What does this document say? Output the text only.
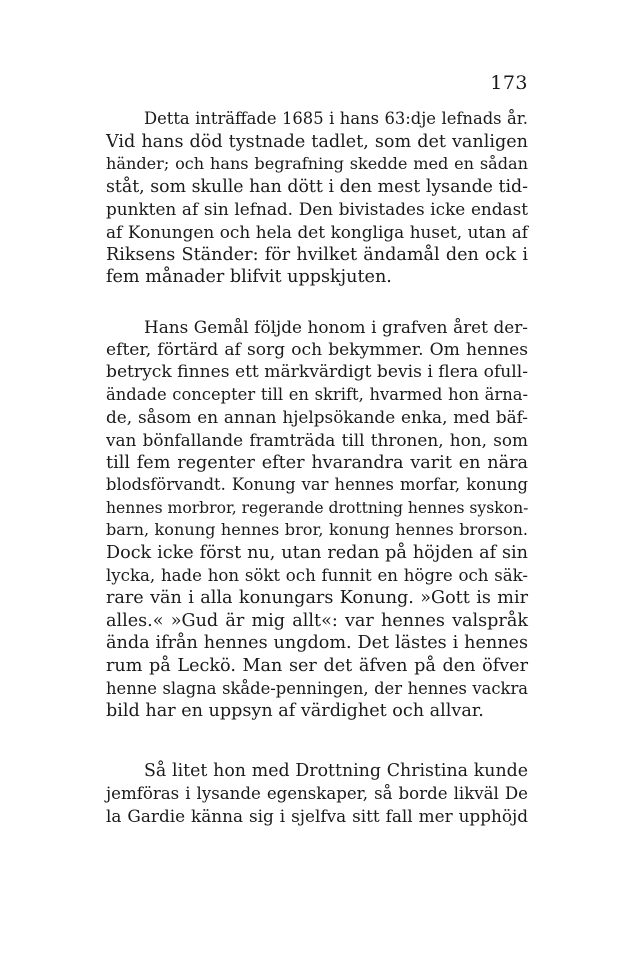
173
Detta inträffade 1685 i hans 63:dje lefnads år.
Vid hans död tystnade tadlet, som det vanligen
händer; och hans begrafning skedde med en sådan
ståt, som skulle han dött i den mest lysande tid-
punkten af sin lefnad. Den bivistades icke endast
af Konungen och hela det kongliga huset, utan af
Riksens Ständer: för hvilket ändamål den ock i
fem månader blifvit uppskjuten.
Hans Gemål följde honom i grafven året der-
efter, förtärd af sorg och bekymmer. Om hennes
betryck finnes ett märkvärdigt bevis i flera ofull-
ändade concepter till en skrift, hvarmed hon ärna-
de, såsom en annan hjelpsökande enka, med bäf-
van bönfallande framträda till thronen, hon, som
till fem regenter efter hvarandra varit en nära
blodsförvandt. Konung var hennes morfar, konung
hennes morbror, regerande drottning hennes syskon-
barn, konung hennes bror, konung hennes brorson.
Dock icke först nu, utan redan på höjden af sin
lycka, hade hon sökt och funnit en högre och säk-
rare vän i alla konungars Konung. »Gott is mir
alles.« »Gud är mig allt«: var hennes valspråk
ända ifrån hennes ungdom. Det lästes i hennes
rum på Leckö. Man ser det äfven på den öfver
henne slagna skåde-penningen, der hennes vackra
bild har en uppsyn af värdighet och allvar.
Så litet hon med Drottning Christina kunde
jemföras i lysande egenskaper, så borde likväl De
la Gardie känna sig i sjelfva sitt fall mer upphöjd
